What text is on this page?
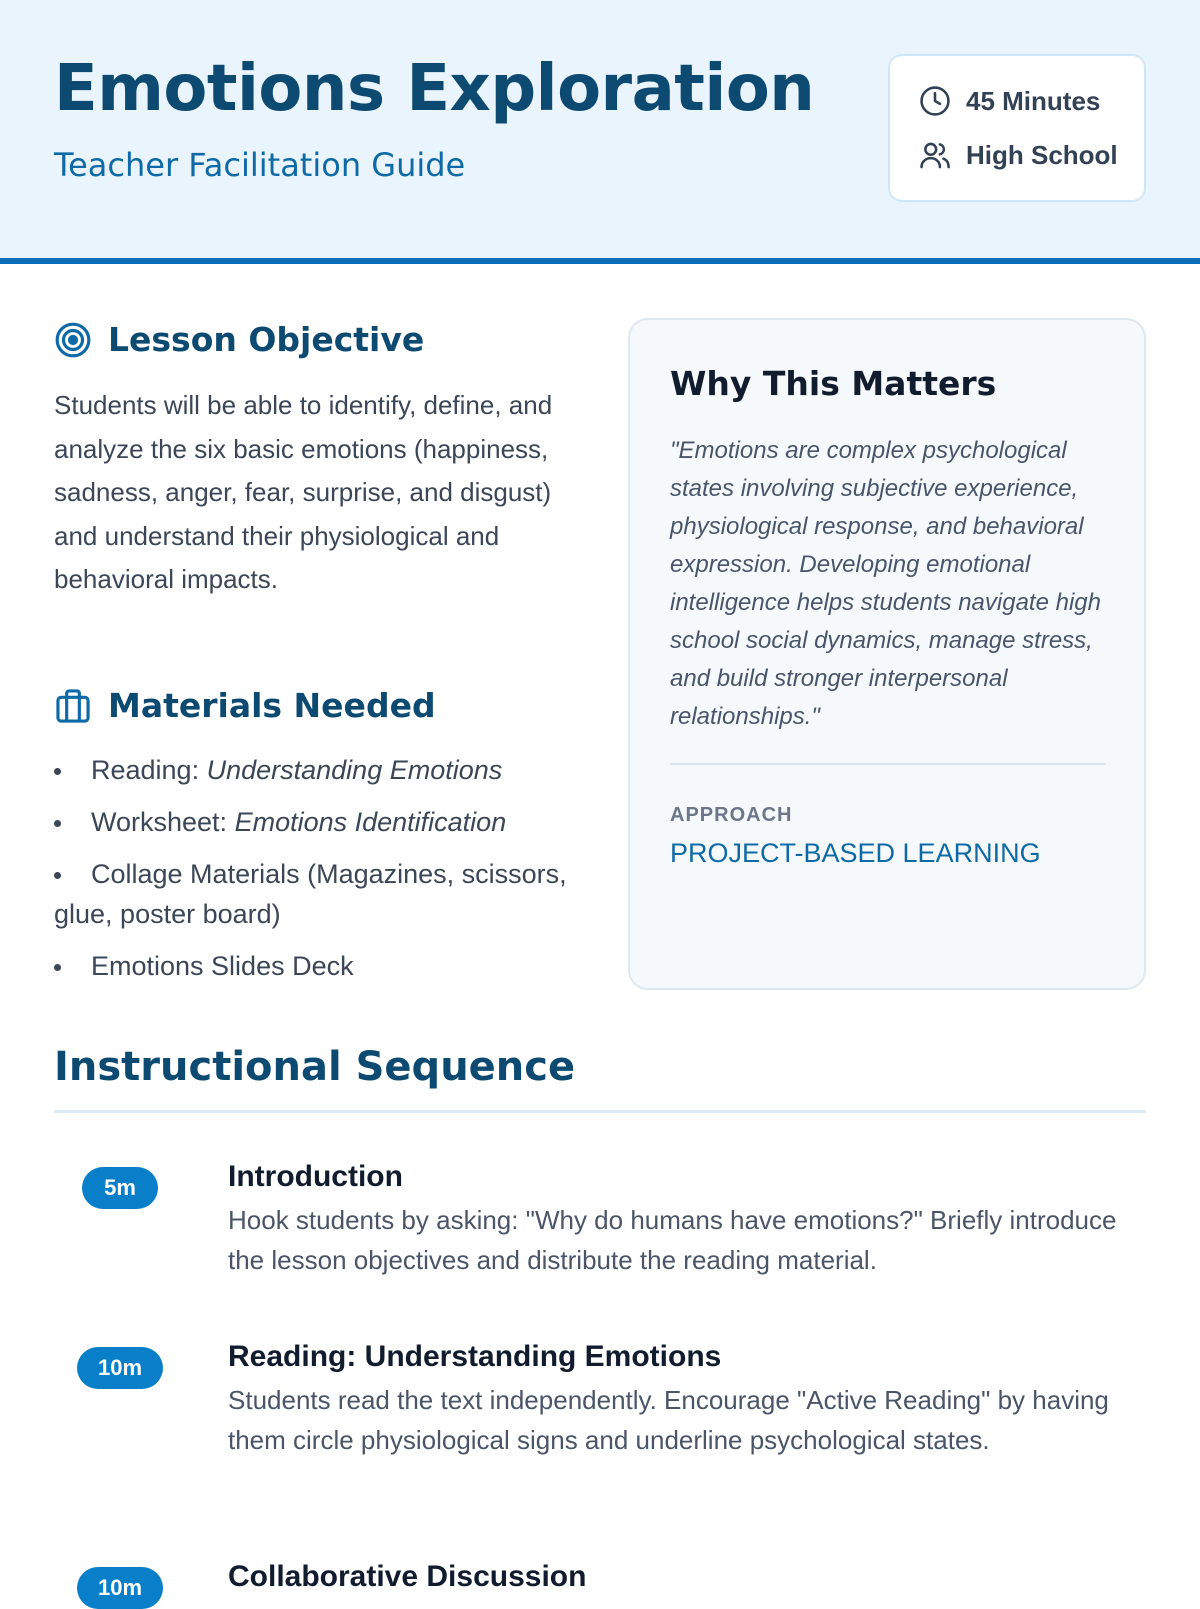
Emotions Exploration
Teacher Facilitation Guide
45 Minutes
High School
Lesson Objective

Students will be able to identify, define, and analyze the six basic emotions (happiness, sadness, anger, fear, surprise, and disgust) and understand their physiological and behavioral impacts.

Materials Needed
Reading: Understanding Emotions
Worksheet: Emotions Identification
Collage Materials (Magazines, scissors, glue, poster board)
Emotions Slides Deck
Why This Matters

"Emotions are complex psychological states involving subjective experience, physiological response, and behavioral expression. Developing emotional intelligence helps students navigate high school social dynamics, manage stress, and build stronger interpersonal relationships."

APPROACH
PROJECT-BASED LEARNING
Instructional Sequence
5m	Introduction
Hook students by asking: "Why do humans have emotions?" Briefly introduce the lesson objectives and distribute the reading material.
10m	Reading: Understanding Emotions
Students read the text independently. Encourage "Active Reading" by having them circle physiological signs and underline psychological states.
10m	Collaborative Discussion
